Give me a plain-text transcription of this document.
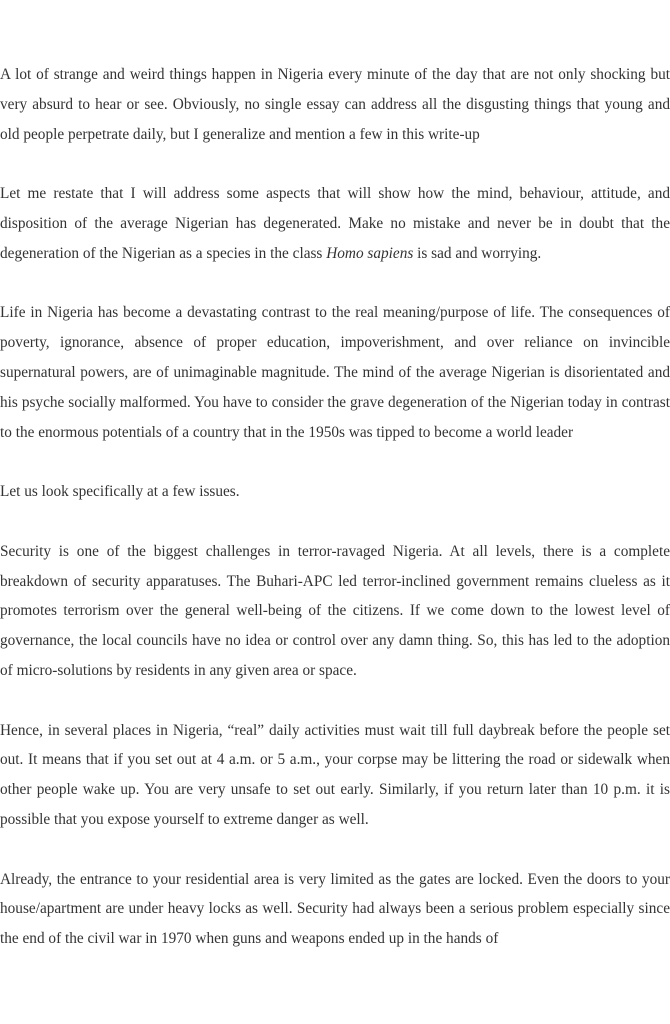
A lot of strange and weird things happen in Nigeria every minute of the day that are not only shocking but very absurd to hear or see. Obviously, no single essay can address all the disgusting things that young and old people perpetrate daily, but I generalize and mention a few in this write-up

Let me restate that I will address some aspects that will show how the mind, behaviour, attitude, and disposition of the average Nigerian has degenerated. Make no mistake and never be in doubt that the degeneration of the Nigerian as a species in the class Homo sapiens is sad and worrying.

Life in Nigeria has become a devastating contrast to the real meaning/purpose of life. The consequences of poverty, ignorance, absence of proper education, impoverishment, and over reliance on invincible supernatural powers, are of unimaginable magnitude. The mind of the average Nigerian is disorientated and his psyche socially malformed. You have to consider the grave degeneration of the Nigerian today in contrast to the enormous potentials of a country that in the 1950s was tipped to become a world leader

Let us look specifically at a few issues.

Security is one of the biggest challenges in terror-ravaged Nigeria. At all levels, there is a complete breakdown of security apparatuses. The Buhari-APC led terror-inclined government remains clueless as it promotes terrorism over the general well-being of the citizens. If we come down to the lowest level of governance, the local councils have no idea or control over any damn thing. So, this has led to the adoption of micro-solutions by residents in any given area or space.

Hence, in several places in Nigeria, “real” daily activities must wait till full daybreak before the people set out. It means that if you set out at 4 a.m. or 5 a.m., your corpse may be littering the road or sidewalk when other people wake up. You are very unsafe to set out early. Similarly, if you return later than 10 p.m. it is possible that you expose yourself to extreme danger as well.

Already, the entrance to your residential area is very limited as the gates are locked. Even the doors to your house/apartment are under heavy locks as well. Security had always been a serious problem especially since the end of the civil war in 1970 when guns and weapons ended up in the hands of
